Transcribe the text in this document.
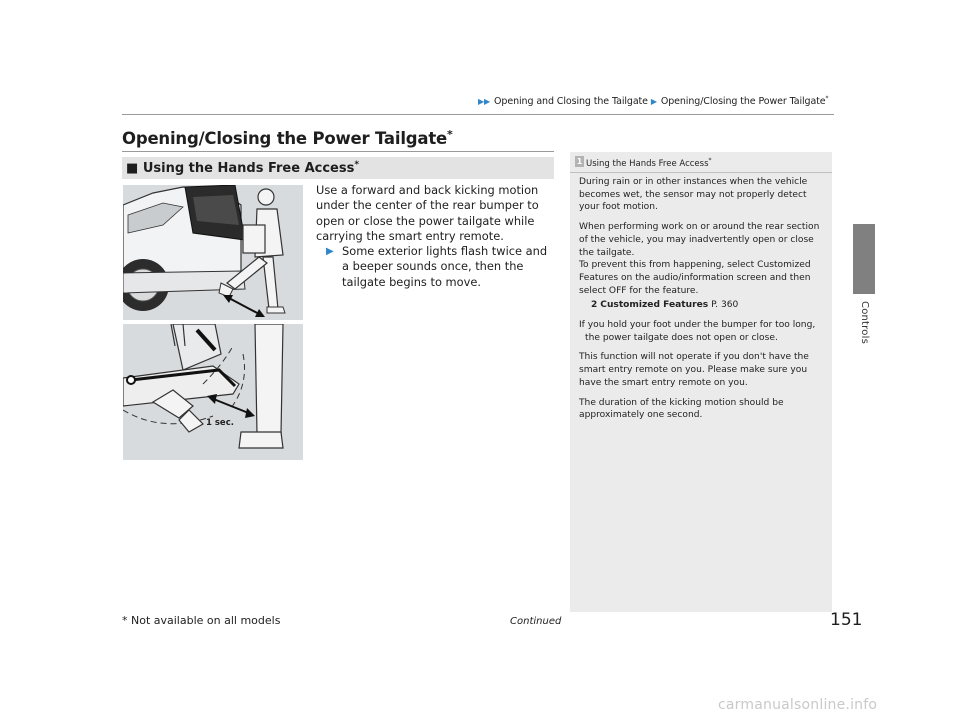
▶▶ Opening and Closing the Tailgate ▶ Opening/Closing the Power Tailgate*
Controls
Opening/Closing the Power Tailgate*
■ Using the Hands Free Access*
Use a forward and back kicking motion under the center of the rear bumper to open or close the power tailgate while carrying the smart entry remote.
▶ Some exterior lights flash twice and a beeper sounds once, then the tailgate begins to move.
1 sec.
1 Using the Hands Free Access*

During rain or in other instances when the vehicle becomes wet, the sensor may not properly detect your foot motion.

When performing work on or around the rear section of the vehicle, you may inadvertently open or close the tailgate.

To prevent this from happening, select Customized Features on the audio/information screen and then select OFF for the feature.

2 Customized Features P. 360

If you hold your foot under the bumper for too long, the power tailgate does not open or close.

This function will not operate if you don't have the smart entry remote on you. Please make sure you have the smart entry remote on you.

The duration of the kicking motion should be approximately one second.

* Not available on all models	Continued	151
carmanualsonline.info
